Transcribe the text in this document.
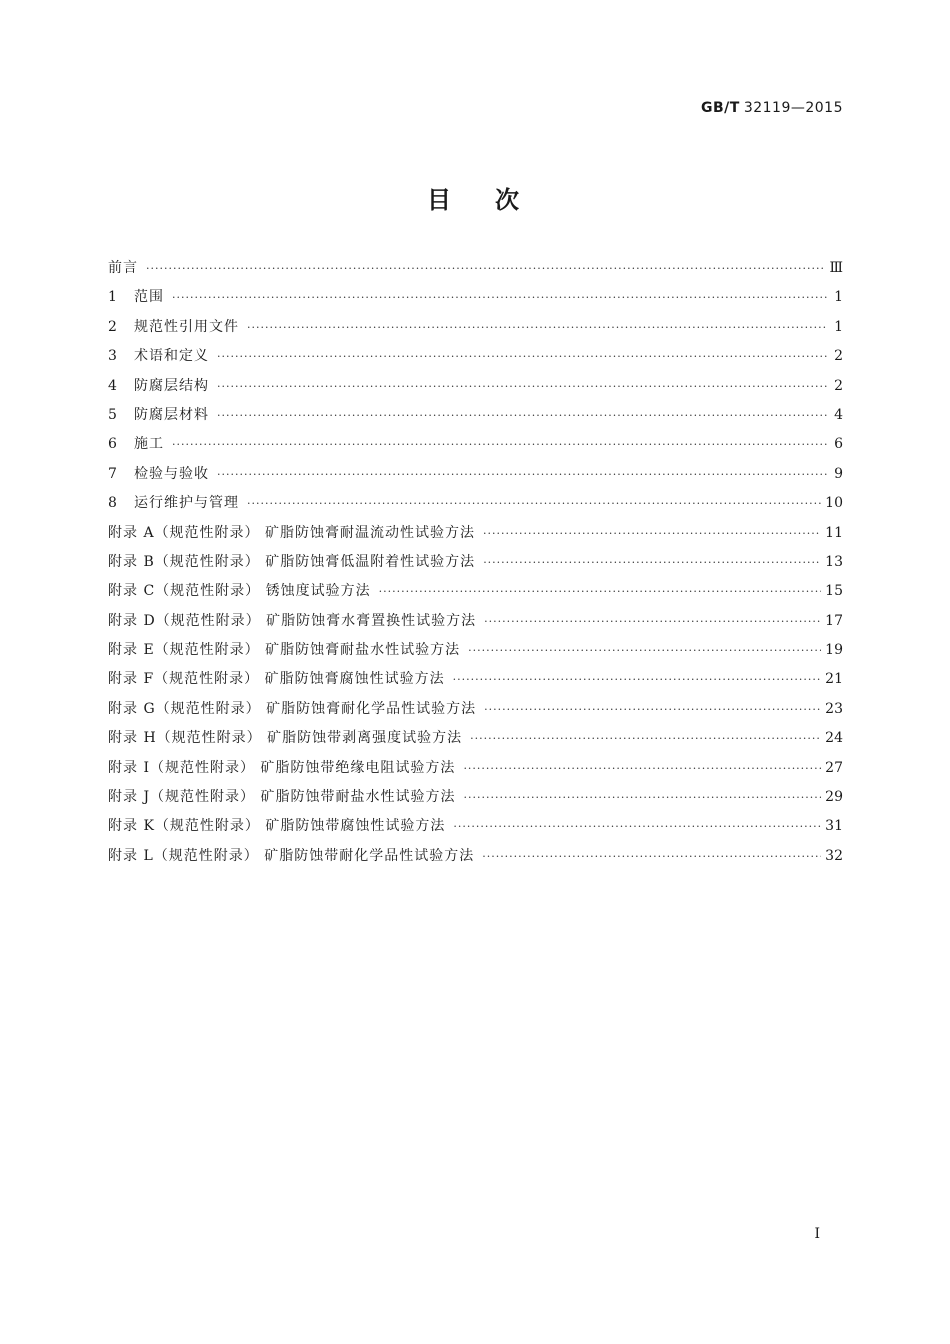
GB/T 32119—2015
目次
前言 ·····	Ⅲ
1	范围 ·····	1
2	规范性引用文件 ·····	1
3	术语和定义 ·····	2
4	防腐层结构 ·····	2
5	防腐层材料 ·····	4
6	施工 ·····	6
7	检验与验收 ·····	9
8	运行维护与管理 ·····	10
附录 A（规范性附录） 矿脂防蚀膏耐温流动性试验方法 ·····	11
附录 B（规范性附录） 矿脂防蚀膏低温附着性试验方法 ·····	13
附录 C（规范性附录） 锈蚀度试验方法 ·····	15
附录 D（规范性附录） 矿脂防蚀膏水膏置换性试验方法 ·····	17
附录 E（规范性附录） 矿脂防蚀膏耐盐水性试验方法 ·····	19
附录 F（规范性附录） 矿脂防蚀膏腐蚀性试验方法 ·····	21
附录 G（规范性附录） 矿脂防蚀膏耐化学品性试验方法 ·····	23
附录 H（规范性附录） 矿脂防蚀带剥离强度试验方法 ·····	24
附录 I（规范性附录） 矿脂防蚀带绝缘电阻试验方法 ·····	27
附录 J（规范性附录） 矿脂防蚀带耐盐水性试验方法 ·····	29
附录 K（规范性附录） 矿脂防蚀带腐蚀性试验方法 ·····	31
附录 L（规范性附录） 矿脂防蚀带耐化学品性试验方法 ·····	32
Ⅰ
